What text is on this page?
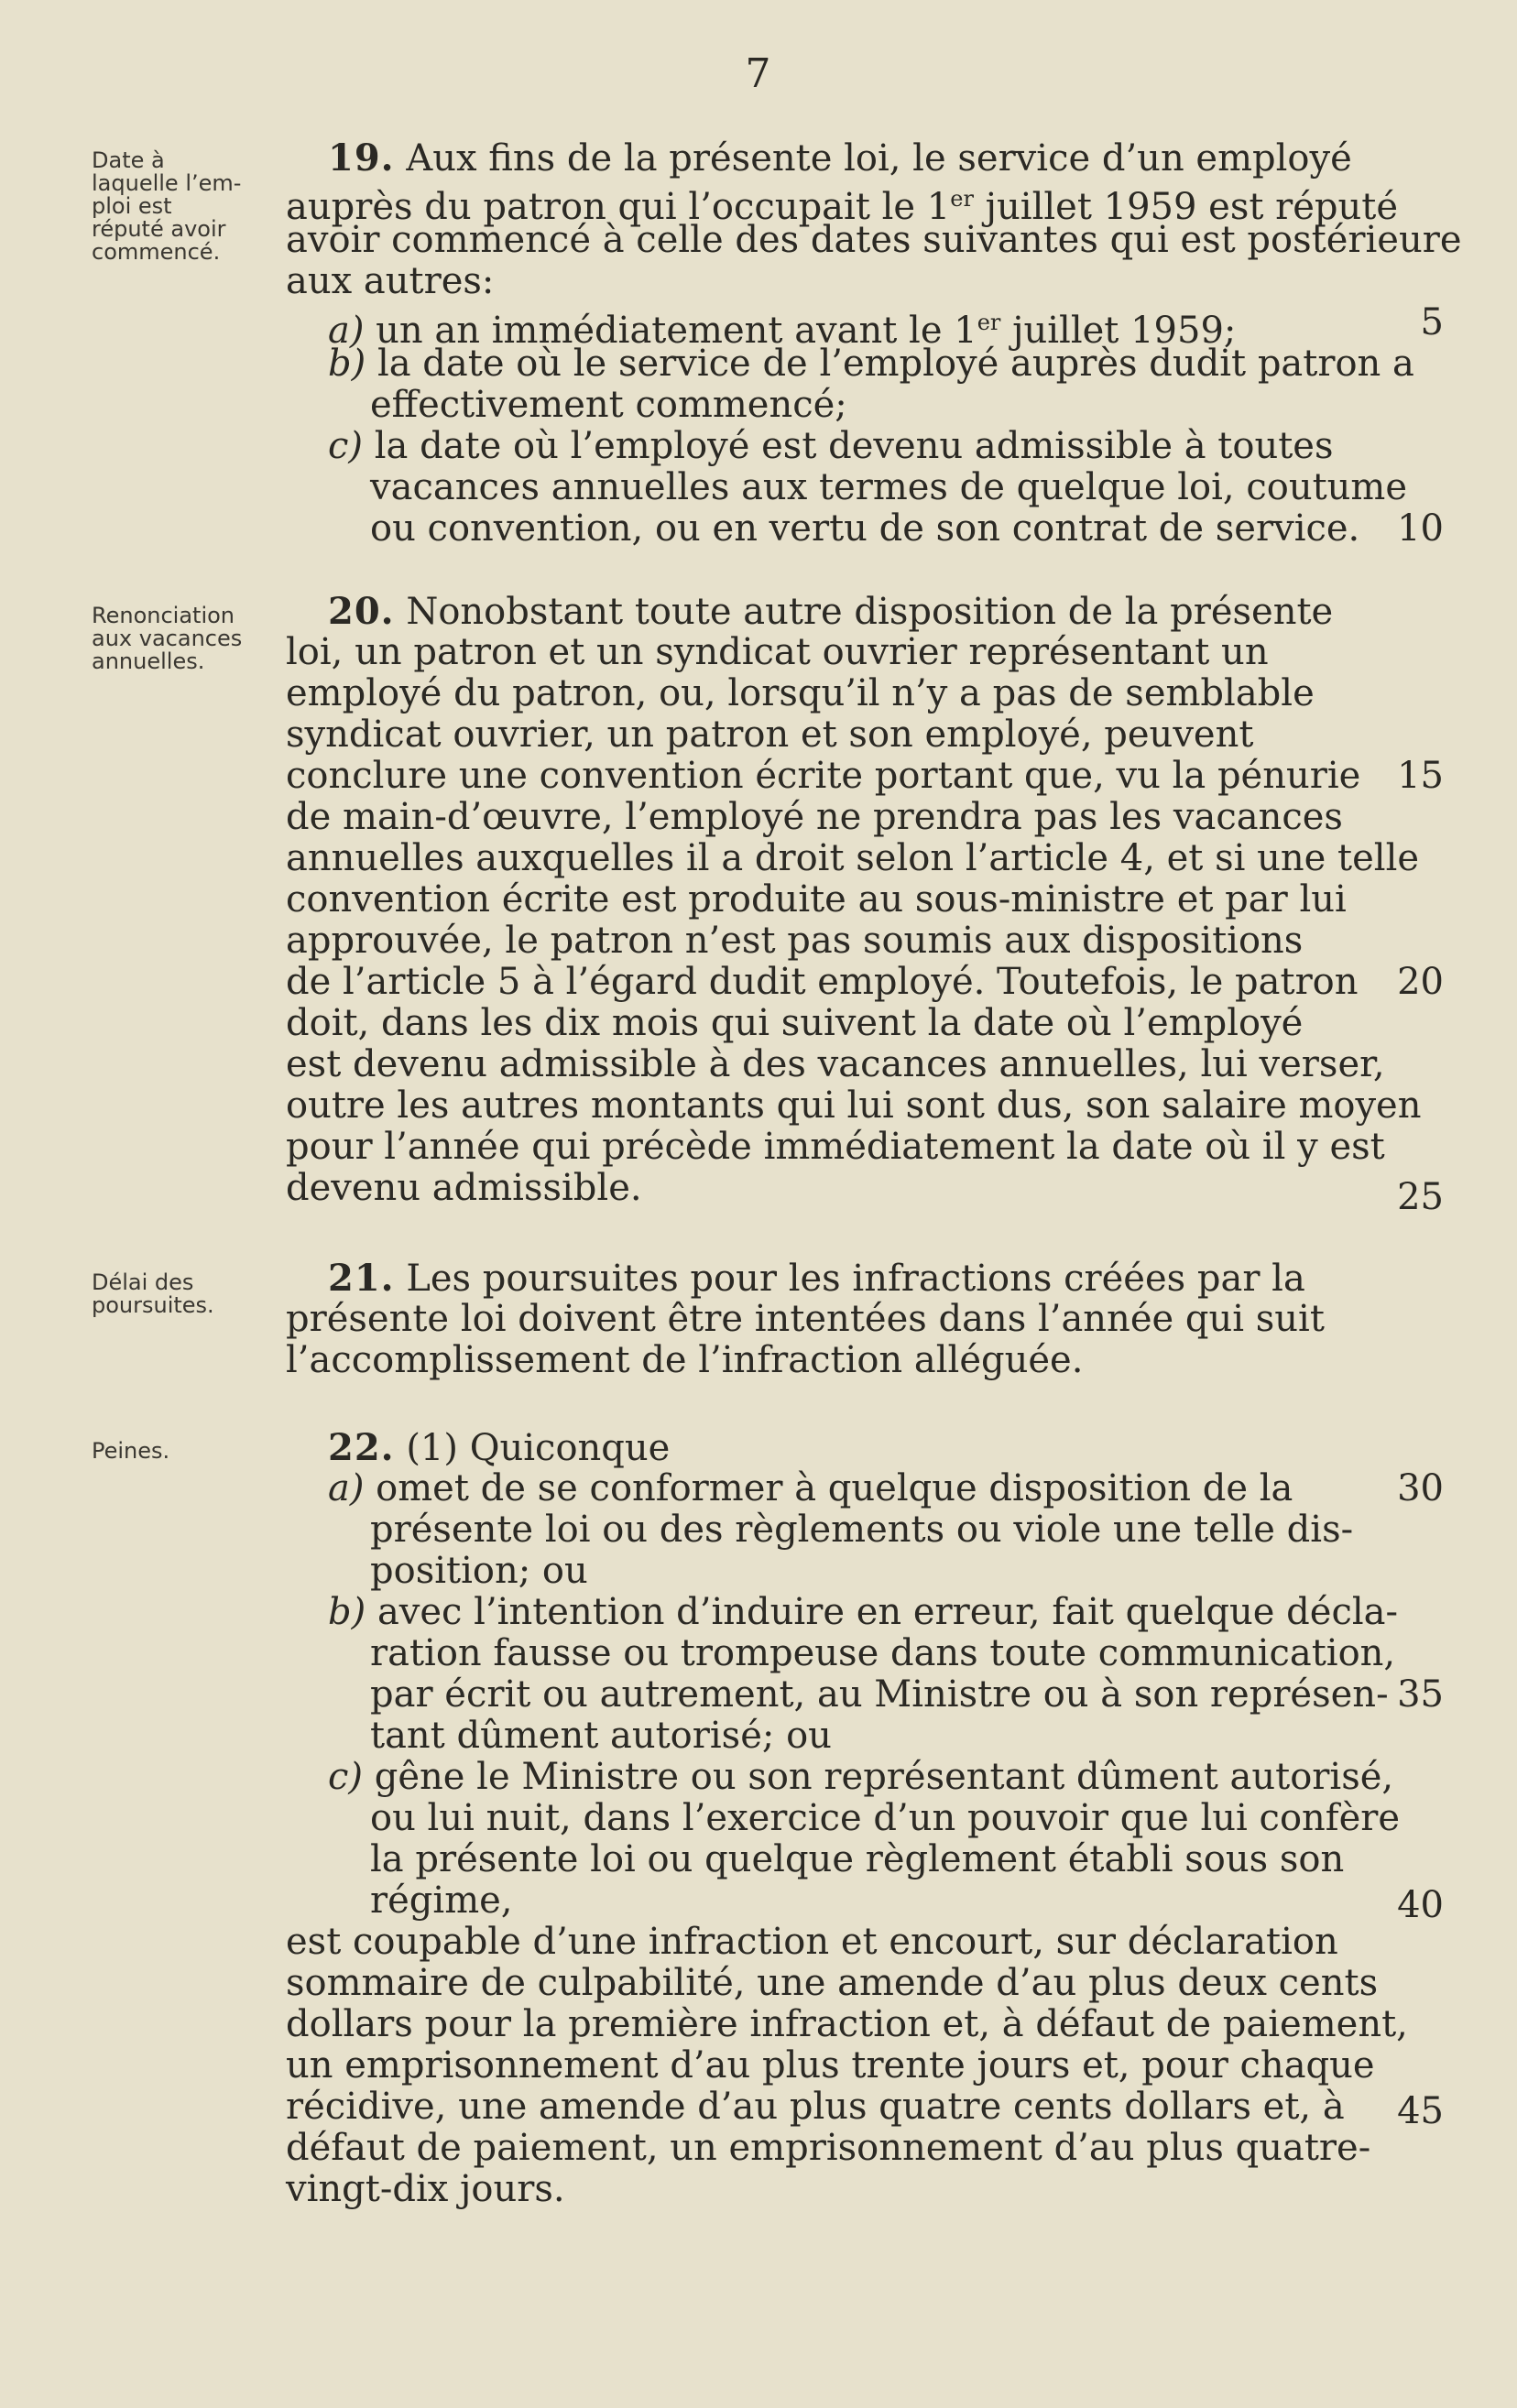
7
Date à
laquelle l’em-
ploi est
réputé avoir
commencé.
Renonciation
aux vacances
annuelles.
Délai des
poursuites.
Peines.
19. Aux fins de la présente loi, le service d’un employé
auprès du patron qui l’occupait le 1er juillet 1959 est réputé
avoir commencé à celle des dates suivantes qui est postérieure
aux autres:
a) un an immédiatement avant le 1er juillet 1959;
b) la date où le service de l’employé auprès dudit patron a
effectivement commencé;
c) la date où l’employé est devenu admissible à toutes
vacances annuelles aux termes de quelque loi, coutume
ou convention, ou en vertu de son contrat de service.
20. Nonobstant toute autre disposition de la présente
loi, un patron et un syndicat ouvrier représentant un
employé du patron, ou, lorsqu’il n’y a pas de semblable
syndicat ouvrier, un patron et son employé, peuvent
conclure une convention écrite portant que, vu la pénurie
de main-d’œuvre, l’employé ne prendra pas les vacances
annuelles auxquelles il a droit selon l’article 4, et si une telle
convention écrite est produite au sous-ministre et par lui
approuvée, le patron n’est pas soumis aux dispositions
de l’article 5 à l’égard dudit employé. Toutefois, le patron
doit, dans les dix mois qui suivent la date où l’employé
est devenu admissible à des vacances annuelles, lui verser,
outre les autres montants qui lui sont dus, son salaire moyen
pour l’année qui précède immédiatement la date où il y est
devenu admissible.
21. Les poursuites pour les infractions créées par la
présente loi doivent être intentées dans l’année qui suit
l’accomplissement de l’infraction alléguée.
22. (1) Quiconque
a) omet de se conformer à quelque disposition de la
présente loi ou des règlements ou viole une telle dis-
position; ou
b) avec l’intention d’induire en erreur, fait quelque décla-
ration fausse ou trompeuse dans toute communication,
par écrit ou autrement, au Ministre ou à son représen-
tant dûment autorisé; ou
c) gêne le Ministre ou son représentant dûment autorisé,
ou lui nuit, dans l’exercice d’un pouvoir que lui confère
la présente loi ou quelque règlement établi sous son
régime,
est coupable d’une infraction et encourt, sur déclaration
sommaire de culpabilité, une amende d’au plus deux cents
dollars pour la première infraction et, à défaut de paiement,
un emprisonnement d’au plus trente jours et, pour chaque
récidive, une amende d’au plus quatre cents dollars et, à
défaut de paiement, un emprisonnement d’au plus quatre-
vingt-dix jours.
5
10
15
20
25
30
35
40
45
